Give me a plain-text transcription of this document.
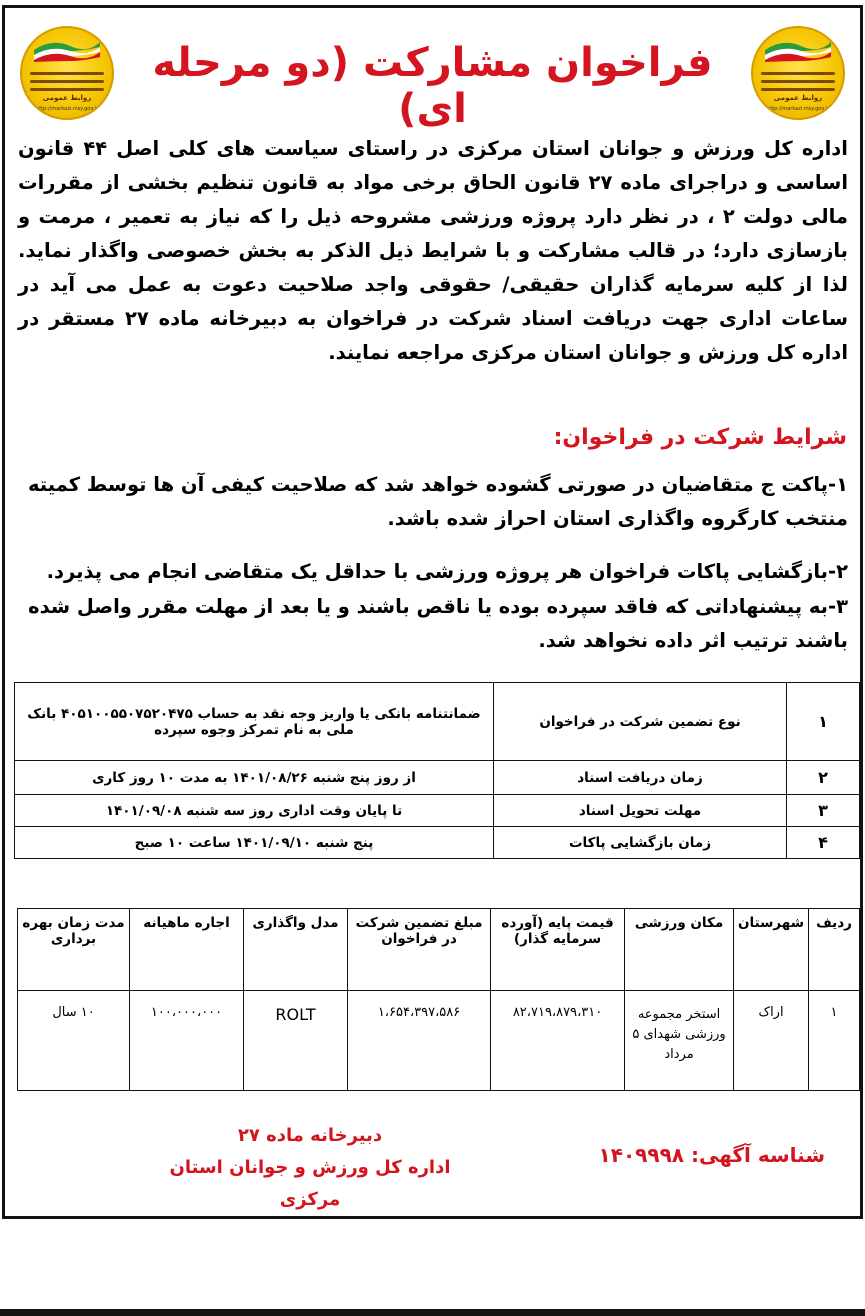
روابط عمومی
http://markazi.msy.gov.ir
روابط عمومی
http://markazi.msy.gov.ir
فراخوان مشارکت (دو مرحله ای)
اداره کل ورزش و جوانان استان مرکزی در راستای سیاست های کلی اصل ۴۴ قانون اساسی و دراجرای ماده ۲۷ قانون الحاق برخی مواد به قانون تنظیم بخشی از مقررات مالی دولت ۲ ، در نظر دارد پروژه ورزشی مشروحه ذیل را که نیاز به تعمیر ، مرمت و بازسازی دارد؛ در قالب مشارکت و با شرایط ذیل الذکر به بخش خصوصی واگذار نماید. لذا از کلیه سرمایه گذاران حقیقی/ حقوقی واجد صلاحیت دعوت به عمل می آید در ساعات اداری جهت دریافت اسناد شرکت در فراخوان به دبیرخانه ماده ۲۷ مستقر در اداره کل ورزش و جوانان استان مرکزی مراجعه نمایند.
شرایط شرکت در فراخوان:
۱-پاکت ج متقاضیان در صورتی گشوده خواهد شد که صلاحیت کیفی آن ها توسط کمیته منتخب کارگروه واگذاری استان احراز شده باشد.
۲-بازگشایی پاکات فراخوان هر پروژه ورزشی با حداقل یک متقاضی انجام می پذیرد.
۳-به پیشنهاداتی که فاقد سپرده بوده یا ناقص باشند و یا بعد از مهلت مقرر واصل شده باشند ترتیب اثر داده نخواهد شد.
۱	نوع تضمین شرکت در فراخوان	ضمانتنامه بانکی یا واریز وجه نقد به حساب ۴۰۵۱۰۰۵۵۰۷۵۲۰۴۷۵ بانک ملی به نام تمرکز وجوه سپرده
۲	زمان دریافت اسناد	از روز پنج شنبه ۱۴۰۱/۰۸/۲۶ به مدت ۱۰ روز کاری
۳	مهلت تحویل اسناد	تا پایان وقت اداری روز سه شنبه ۱۴۰۱/۰۹/۰۸
۴	زمان بازگشایی پاکات	پنج شنبه ۱۴۰۱/۰۹/۱۰ ساعت ۱۰ صبح
ردیف	شهرستان	مکان ورزشی	قیمت پایه (آورده سرمایه گذار)	مبلغ تضمین شرکت در فراخوان	مدل واگذاری	اجاره ماهیانه	مدت زمان بهره برداری
۱	اراک	استخر مجموعه ورزشی شهدای ۵ مرداد	۸۲،۷۱۹،۸۷۹،۳۱۰	۱،۶۵۴،۳۹۷،۵۸۶	ROLT	۱۰۰،۰۰۰،۰۰۰	۱۰ سال
شناسه آگهی: ۱۴۰۹۹۹۸
دبیرخانه ماده ۲۷
اداره کل ورزش و جوانان استان مرکزی
